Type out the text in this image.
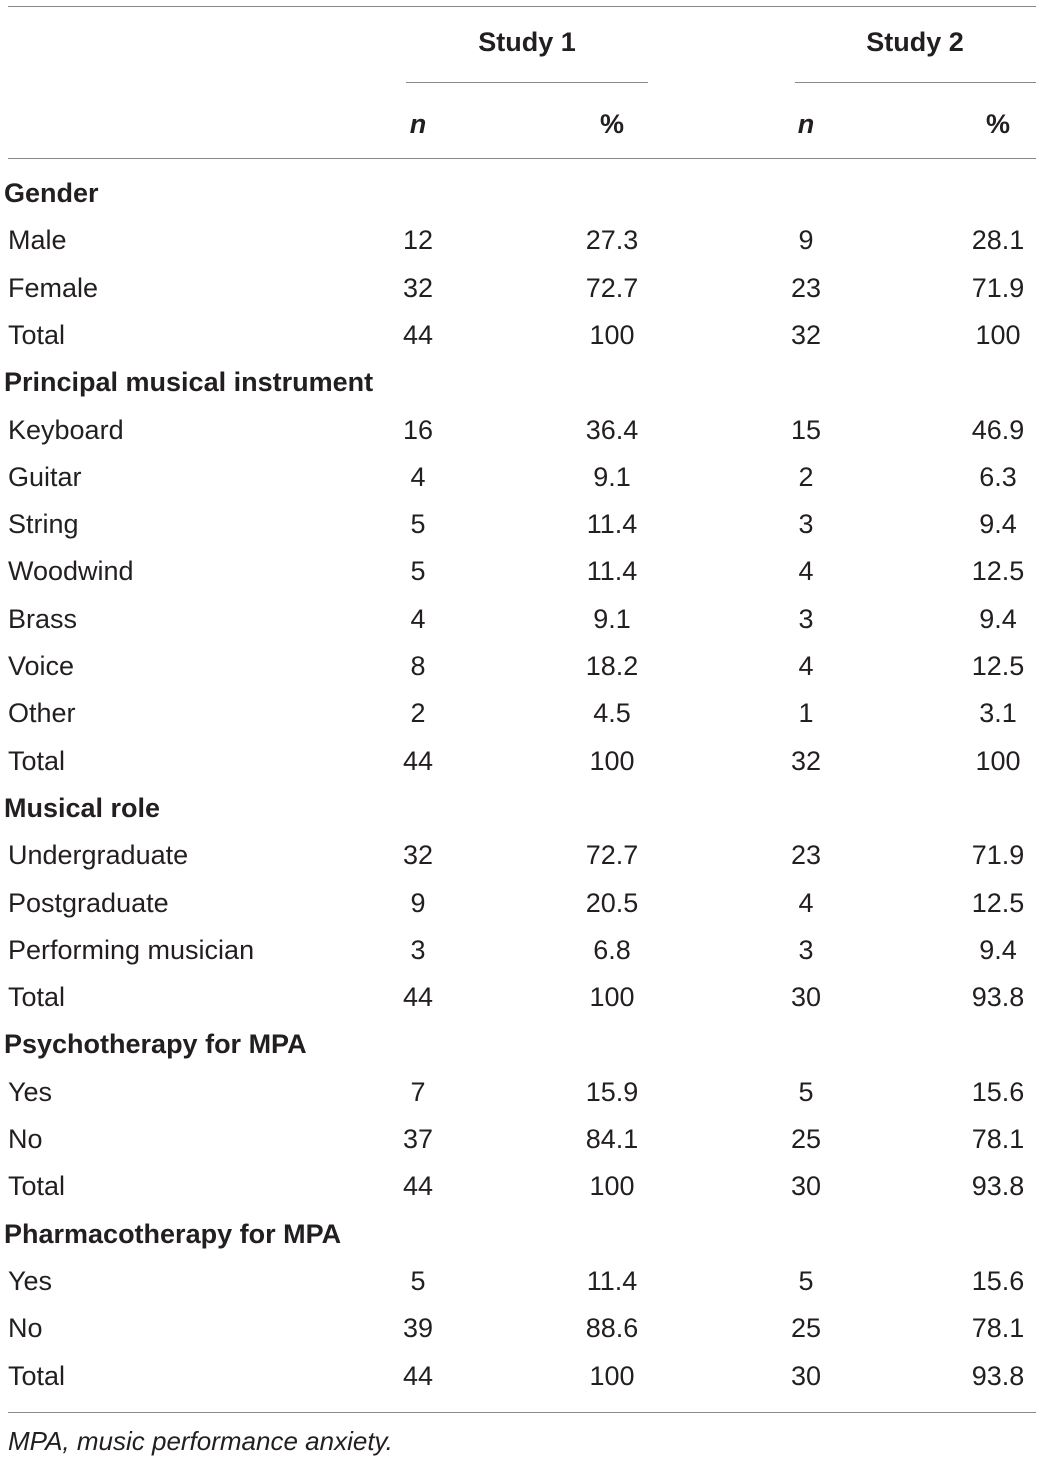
Study 1	Study 2
n	%	n	%
Gender
Male	12	27.3	9	28.1
Female	32	72.7	23	71.9
Total	44	100	32	100
Principal musical instrument
Keyboard	16	36.4	15	46.9
Guitar	4	9.1	2	6.3
String	5	11.4	3	9.4
Woodwind	5	11.4	4	12.5
Brass	4	9.1	3	9.4
Voice	8	18.2	4	12.5
Other	2	4.5	1	3.1
Total	44	100	32	100
Musical role
Undergraduate	32	72.7	23	71.9
Postgraduate	9	20.5	4	12.5
Performing musician	3	6.8	3	9.4
Total	44	100	30	93.8
Psychotherapy for MPA
Yes	7	15.9	5	15.6
No	37	84.1	25	78.1
Total	44	100	30	93.8
Pharmacotherapy for MPA
Yes	5	11.4	5	15.6
No	39	88.6	25	78.1
Total	44	100	30	93.8
MPA, music performance anxiety.
